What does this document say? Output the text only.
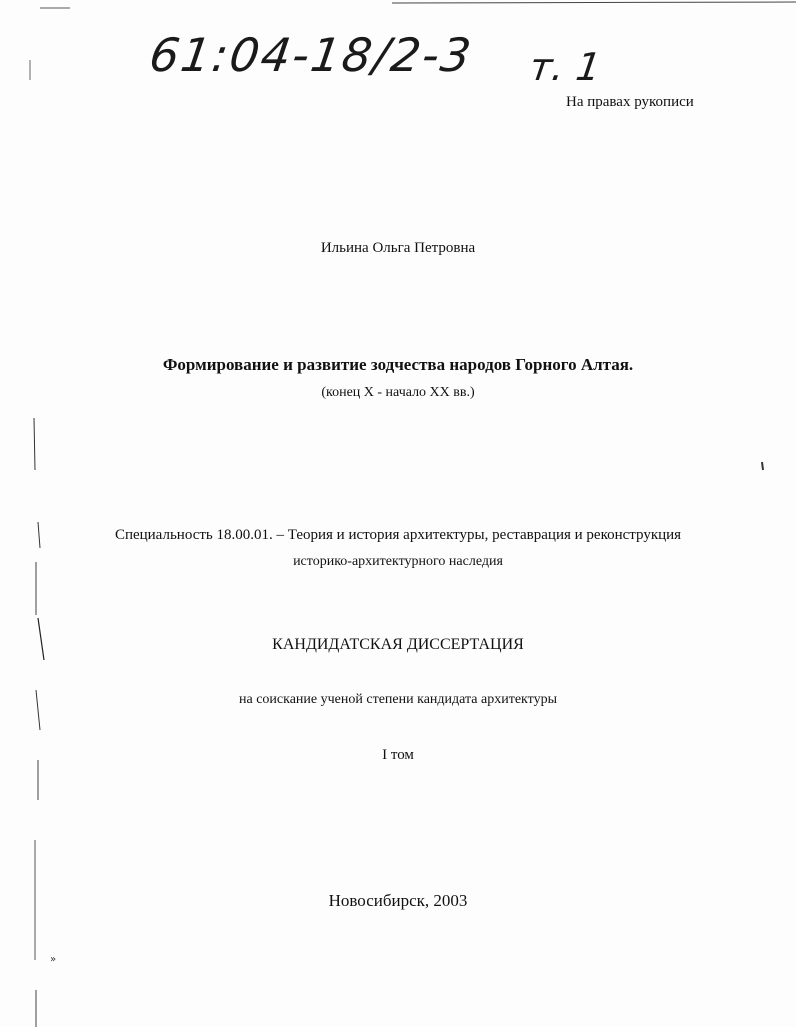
»
61:04-18/2-3 т. 1
На правах рукописи
Ильина Ольга Петровна
Формирование и развитие зодчества народов Горного Алтая.
(конец X - начало XX вв.)
Специальность 18.00.01. – Теория и история архитектуры, реставрация и реконструкция
историко-архитектурного наследия
КАНДИДАТСКАЯ ДИССЕРТАЦИЯ
на соискание ученой степени кандидата архитектуры
I том
Новосибирск, 2003
